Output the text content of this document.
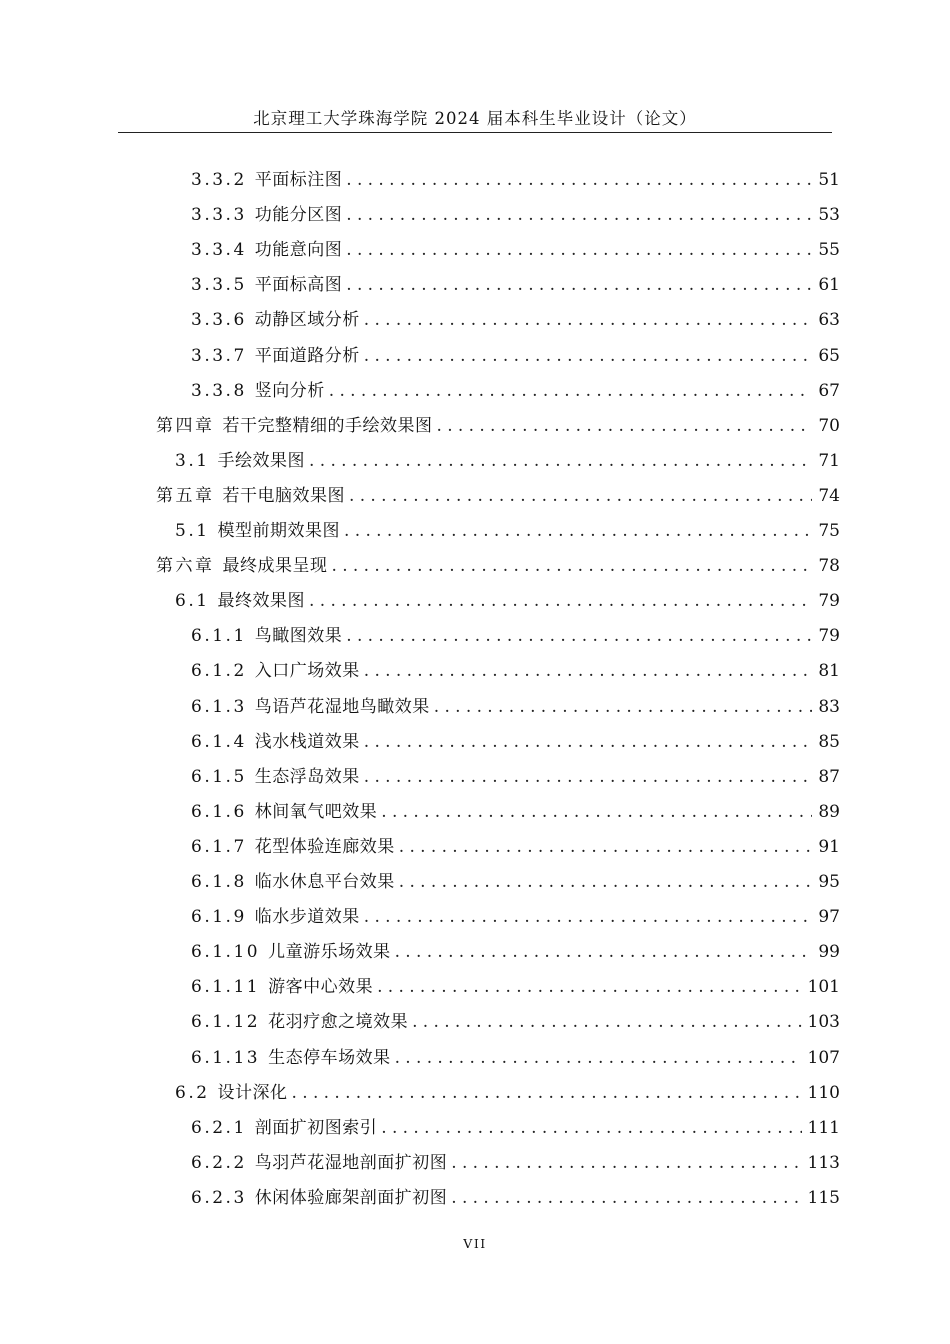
北京理工大学珠海学院 2024 届本科生毕业设计（论文）
3.3.2 平面标注图 .....	51
3.3.3 功能分区图 .....	53
3.3.4 功能意向图 .....	55
3.3.5 平面标高图 .....	61
3.3.6 动静区域分析 .....	63
3.3.7 平面道路分析 .....	65
3.3.8 竖向分析 .....	67
第四章 若干完整精细的手绘效果图 .....	70
3.1 手绘效果图 .....	71
第五章 若干电脑效果图 .....	74
5.1 模型前期效果图 .....	75
第六章 最终成果呈现 .....	78
6.1 最终效果图 .....	79
6.1.1 鸟瞰图效果 .....	79
6.1.2 入口广场效果 .....	81
6.1.3 鸟语芦花湿地鸟瞰效果 .....	83
6.1.4 浅水栈道效果 .....	85
6.1.5 生态浮岛效果 .....	87
6.1.6 林间氧气吧效果 .....	89
6.1.7 花型体验连廊效果 .....	91
6.1.8 临水休息平台效果 .....	95
6.1.9 临水步道效果 .....	97
6.1.10 儿童游乐场效果 .....	99
6.1.11 游客中心效果 .....	101
6.1.12 花羽疗愈之境效果 .....	103
6.1.13 生态停车场效果 .....	107
6.2 设计深化 .....	110
6.2.1 剖面扩初图索引 .....	111
6.2.2 鸟羽芦花湿地剖面扩初图 .....	113
6.2.3 休闲体验廊架剖面扩初图 .....	115
VII
